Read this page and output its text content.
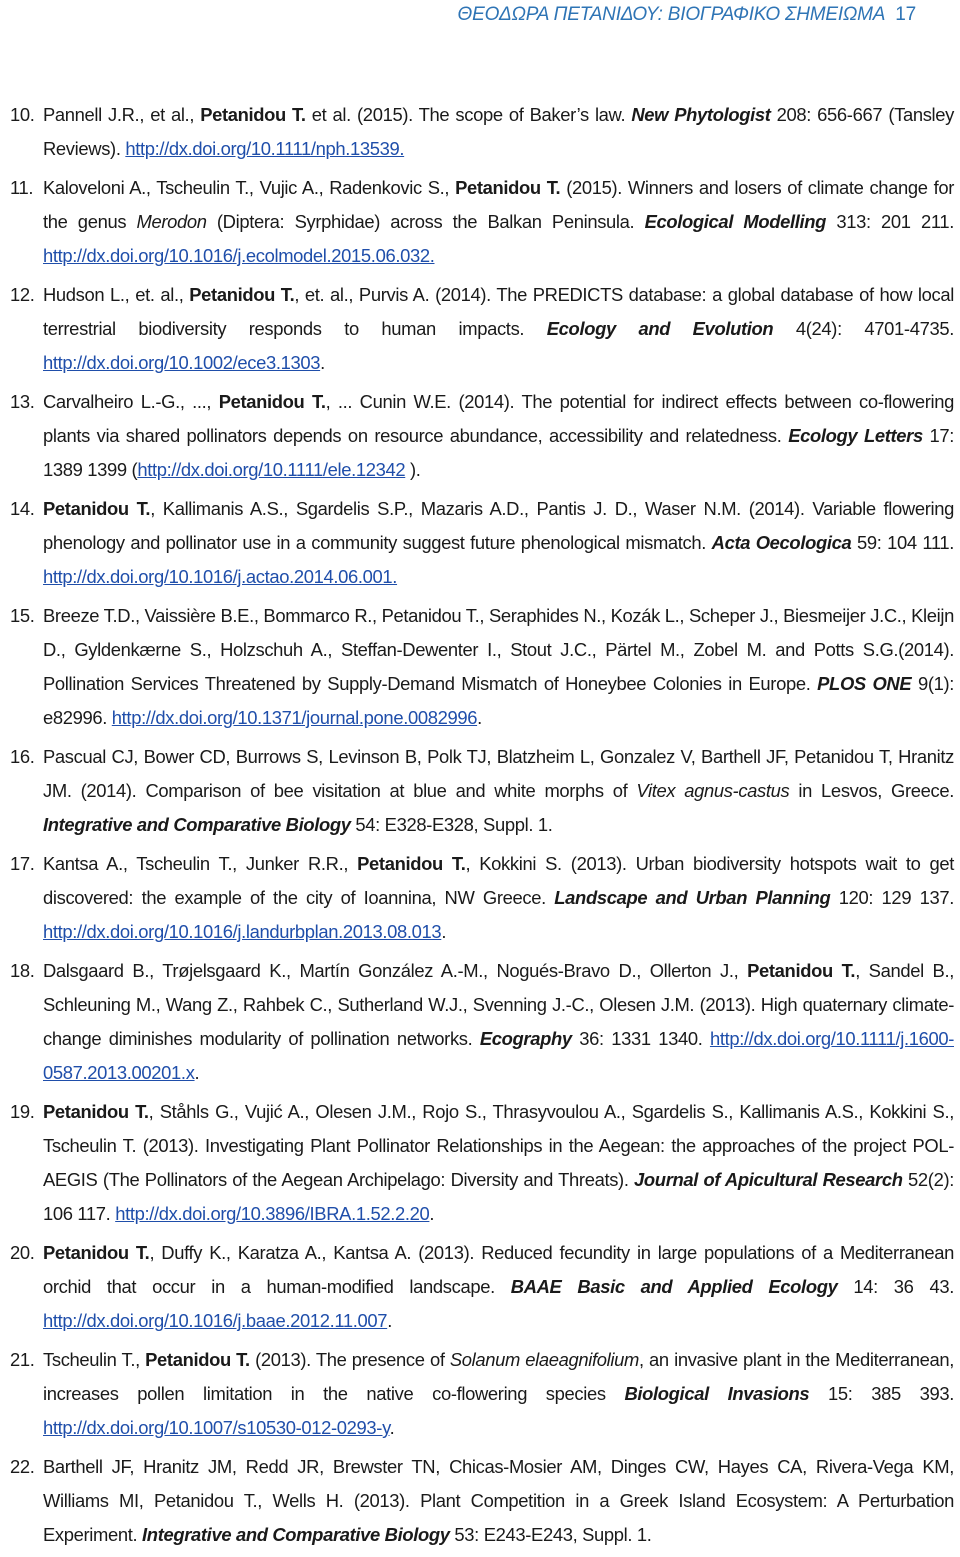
ΘΕΟΔΩΡΑ ΠΕΤΑΝΙΔΟΥ: ΒΙΟΓΡΑΦΙΚΟ ΣΗΜΕΙΩΜΑ 17
10. Pannell J.R., et al., Petanidou T. et al. (2015). The scope of Baker’s law. New Phytologist 208: 656-667 (Tansley Reviews). http://dx.doi.org/10.1111/nph.13539.

11. Kaloveloni A., Tscheulin T., Vujic A., Radenkovic S., Petanidou T. (2015). Winners and losers of climate change for the genus Merodon (Diptera: Syrphidae) across the Balkan Peninsula. Ecological Modelling 313: 201 211. http://dx.doi.org/10.1016/j.ecolmodel.2015.06.032.

12. Hudson L., et. al., Petanidou T., et. al., Purvis A. (2014). The PREDICTS database: a global database of how local terrestrial biodiversity responds to human impacts. Ecology and Evolution 4(24): 4701-4735. http://dx.doi.org/10.1002/ece3.1303.

13. Carvalheiro L.-G., ..., Petanidou T., ... Cunin W.E. (2014). The potential for indirect effects between co-flowering plants via shared pollinators depends on resource abundance, accessibility and relatedness. Ecology Letters 17: 1389 1399 (http://dx.doi.org/10.1111/ele.12342 ).

14. Petanidou T., Kallimanis A.S., Sgardelis S.P., Mazaris A.D., Pantis J. D., Waser N.M. (2014). Variable flowering phenology and pollinator use in a community suggest future phenological mismatch. Acta Oecologica 59: 104 111. http://dx.doi.org/10.1016/j.actao.2014.06.001.

15. Breeze T.D., Vaissière B.E., Bommarco R., Petanidou T., Seraphides N., Kozák L., Scheper J., Biesmeijer J.C., Kleijn D., Gyldenkærne S., Holzschuh A., Steffan-Dewenter I., Stout J.C., Pärtel M., Zobel M. and Potts S.G.(2014). Pollination Services Threatened by Supply-Demand Mismatch of Honeybee Colonies in Europe. PLOS ONE 9(1): e82996. http://dx.doi.org/10.1371/journal.pone.0082996.

16. Pascual CJ, Bower CD, Burrows S, Levinson B, Polk TJ, Blatzheim L, Gonzalez V, Barthell JF, Petanidou T, Hranitz JM. (2014). Comparison of bee visitation at blue and white morphs of Vitex agnus-castus in Lesvos, Greece. Integrative and Comparative Biology 54: E328-E328, Suppl. 1.

17. Kantsa A., Tscheulin T., Junker R.R., Petanidou T., Kokkini S. (2013). Urban biodiversity hotspots wait to get discovered: the example of the city of Ioannina, NW Greece. Landscape and Urban Planning 120: 129 137. http://dx.doi.org/10.1016/j.landurbplan.2013.08.013.

18. Dalsgaard B., Trøjelsgaard K., Martín González A.-M., Nogués-Bravo D., Ollerton J., Petanidou T., Sandel B., Schleuning M., Wang Z., Rahbek C., Sutherland W.J., Svenning J.-C., Olesen J.M. (2013). High quaternary climate-change diminishes modularity of pollination networks. Ecography 36: 1331 1340. http://dx.doi.org/10.1111/j.1600-0587.2013.00201.x.

19. Petanidou T., Ståhls G., Vujić A., Olesen J.M., Rojo S., Thrasyvoulou A., Sgardelis S., Kallimanis A.S., Kokkini S., Tscheulin T. (2013). Investigating Plant Pollinator Relationships in the Aegean: the approaches of the project POL-AEGIS (The Pollinators of the Aegean Archipelago: Diversity and Threats). Journal of Apicultural Research 52(2): 106 117. http://dx.doi.org/10.3896/IBRA.1.52.2.20.

20. Petanidou T., Duffy K., Karatza A., Kantsa A. (2013). Reduced fecundity in large populations of a Mediterranean orchid that occur in a human-modified landscape. BAAE Basic and Applied Ecology 14: 36 43. http://dx.doi.org/10.1016/j.baae.2012.11.007.

21. Tscheulin T., Petanidou T. (2013). The presence of Solanum elaeagnifolium, an invasive plant in the Mediterranean, increases pollen limitation in the native co-flowering species Biological Invasions 15: 385 393. http://dx.doi.org/10.1007/s10530-012-0293-y.

22. Barthell JF, Hranitz JM, Redd JR, Brewster TN, Chicas-Mosier AM, Dinges CW, Hayes CA, Rivera-Vega KM, Williams MI, Petanidou T., Wells H. (2013). Plant Competition in a Greek Island Ecosystem: A Perturbation Experiment. Integrative and Comparative Biology 53: E243-E243, Suppl. 1.
